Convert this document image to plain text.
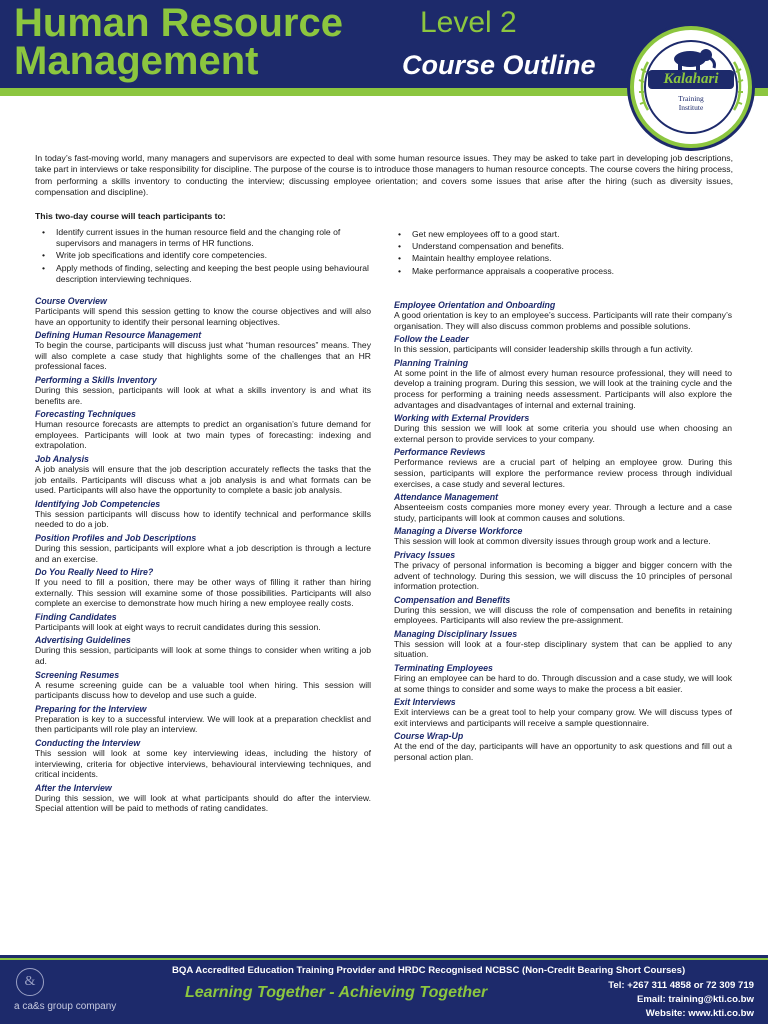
Human Resource
Management
Level 2
Course Outline	Kalahari
Training
Institute

In today’s fast-moving world, many managers and supervisors are expected to deal with some human resource issues. They may be asked to take part in developing job descriptions, take part in interviews or take responsibility for discipline. The purpose of the course is to introduce those managers to human resource concepts. The course covers the hiring process, from performing a skills inventory to conducting the interview; discussing employee orientation; and covers some issues that arise after the hiring (such as diversity issues, compensation and discipline).

This two-day course will teach participants to:
• Identify current issues in the human resource field and the changing role of supervisors and managers in terms of HR functions.
• Write job specifications and identify core competencies.
• Apply methods of finding, selecting and keeping the best people using behavioural description interviewing techniques.
• Get new employees off to a good start.
• Understand compensation and benefits.
• Maintain healthy employee relations.
• Make performance appraisals a cooperative process.
Course Overview
Participants will spend this session getting to know the course objectives and will also have an opportunity to identify their personal learning objectives.
Defining Human Resource Management
To begin the course, participants will discuss just what “human resources” means. They will also complete a case study that highlights some of the challenges that an HR professional faces.
Performing a Skills Inventory
During this session, participants will look at what a skills inventory is and what its benefits are.
Forecasting Techniques
Human resource forecasts are attempts to predict an organisation’s future demand for employees. Participants will look at two main types of forecasting: indexing and extrapolation.
Job Analysis
A job analysis will ensure that the job description accurately reflects the tasks that the job entails. Participants will discuss what a job analysis is and what formats can be used. Participants will also have the opportunity to complete a basic job analysis.
Identifying Job Competencies
This session participants will discuss how to identify technical and performance skills needed to do a job.
Position Profiles and Job Descriptions
During this session, participants will explore what a job description is through a lecture and an exercise.
Do You Really Need to Hire?
If you need to fill a position, there may be other ways of filling it rather than hiring externally. This session will examine some of those possibilities. Participants will also complete an exercise to demonstrate how much hiring a new employee really costs.
Finding Candidates
Participants will look at eight ways to recruit candidates during this session.
Advertising Guidelines
During this session, participants will look at some things to consider when writing a job ad.
Screening Resumes
A resume screening guide can be a valuable tool when hiring. This session will participants discuss how to develop and use such a guide.
Preparing for the Interview
Preparation is key to a successful interview. We will look at a preparation checklist and then participants will role play an interview.
Conducting the Interview
This session will look at some key interviewing ideas, including the history of interviewing, criteria for objective interviews, behavioural interviewing techniques, and critical incidents.
After the Interview
During this session, we will look at what participants should do after the interview. Special attention will be paid to methods of rating candidates.
Employee Orientation and Onboarding
A good orientation is key to an employee’s success. Participants will rate their company’s organisation. They will also discuss common problems and possible solutions.
Follow the Leader
In this session, participants will consider leadership skills through a fun activity.
Planning Training
At some point in the life of almost every human resource professional, they will need to develop a training program. During this session, we will look at the training cycle and the process for performing a training needs assessment. Participants will also explore the advantages and disadvantages of internal and external training.
Working with External Providers
During this session we will look at some criteria you should use when choosing an external person to provide services to your company.
Performance Reviews
Performance reviews are a crucial part of helping an employee grow. During this session, participants will explore the performance review process through individual exercises, a case study and several lectures.
Attendance Management
Absenteeism costs companies more money every year. Through a lecture and a case study, participants will look at common causes and solutions.
Managing a Diverse Workforce
This session will look at common diversity issues through group work and a lecture.
Privacy Issues
The privacy of personal information is becoming a bigger and bigger concern with the advent of technology. During this session, we will discuss the 10 principles of personal information protection.
Compensation and Benefits
During this session, we will discuss the role of compensation and benefits in retaining employees. Participants will also review the pre-assignment.
Managing Disciplinary Issues
This session will look at a four-step disciplinary system that can be applied to any situation.
Terminating Employees
Firing an employee can be hard to do. Through discussion and a case study, we will look at some things to consider and some ways to make the process a bit easier.
Exit Interviews
Exit interviews can be a great tool to help your company grow. We will discuss types of exit interviews and participants will receive a sample questionnaire.
Course Wrap-Up
At the end of the day, participants will have an opportunity to ask questions and fill out a personal action plan.
&
a ca&s group company
BQA Accredited Education Training Provider and HRDC Recognised NCBSC (Non-Credit Bearing Short Courses)
Learning Together - Achieving Together	Tel: +267 311 4858 or 72 309 719
Email: training@kti.co.bw
Website: www.kti.co.bw
